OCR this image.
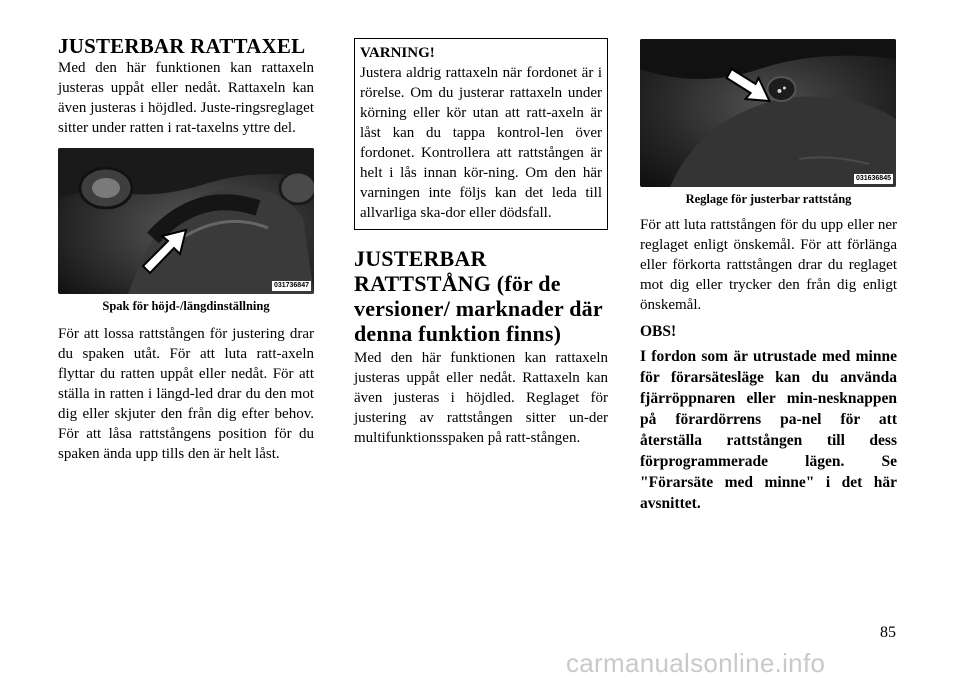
JUSTERBAR RATTAXEL

Med den här funktionen kan rattaxeln justeras uppåt eller nedåt. Rattaxeln kan även justeras i höjdled. Juste-ringsreglaget sitter under ratten i rat-taxelns yttre del.

031736847
Spak för höjd-/längdinställning

För att lossa rattstången för justering drar du spaken utåt. För att luta ratt-axeln flyttar du ratten uppåt eller nedåt. För att ställa in ratten i längd-led drar du den mot dig eller skjuter den från dig efter behov. För att låsa rattstångens position för du spaken ända upp tills den är helt låst.

VARNING!

Justera aldrig rattaxeln när fordonet är i rörelse. Om du justerar rattaxeln under körning eller kör utan att ratt-axeln är låst kan du tappa kontrol-len över fordonet. Kontrollera att rattstången är helt i lås innan kör-ning. Om den här varningen inte följs kan det leda till allvarliga ska-dor eller dödsfall.

JUSTERBAR RATTSTÅNG (för de versioner/ marknader där denna funktion finns)

Med den här funktionen kan rattaxeln justeras uppåt eller nedåt. Rattaxeln kan även justeras i höjdled. Reglaget för justering av rattstången sitter un-der multifunktionsspaken på ratt-stången.

031636845
Reglage för justerbar rattstång

För att luta rattstången för du upp eller ner reglaget enligt önskemål. För att förlänga eller förkorta rattstången drar du reglaget mot dig eller trycker den från dig enligt önskemål.

OBS!

I fordon som är utrustade med minne för förarsätesläge kan du använda fjärröppnaren eller min-nesknappen på förardörrens pa-nel för att återställa rattstången till dess förprogrammerade lägen. Se "Förarsäte med minne" i det här avsnittet.

85
carmanualsonline.info
